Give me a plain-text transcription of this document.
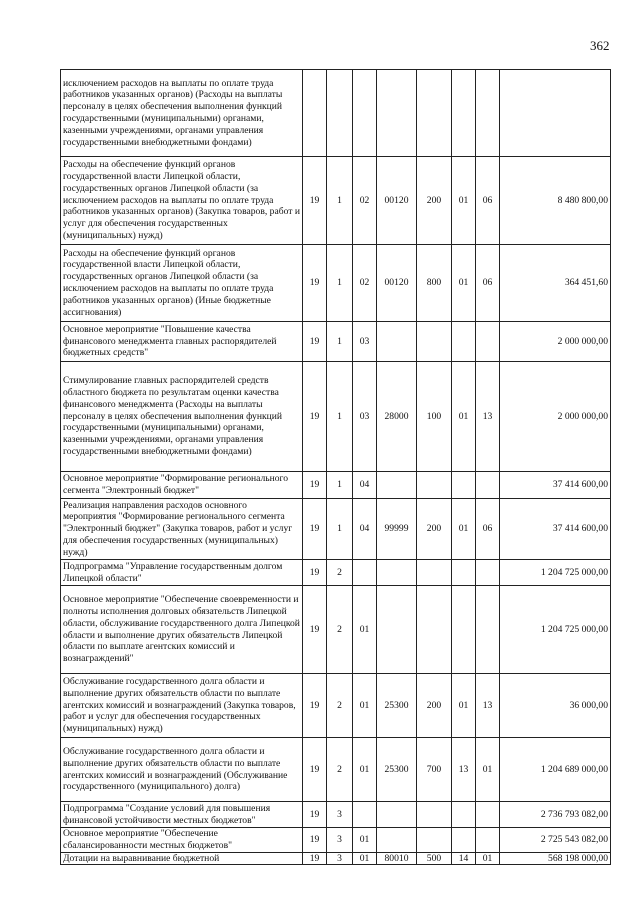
362
исключением расходов на выплаты по оплате труда работников указанных органов) (Расходы на выплаты персоналу в целях обеспечения выполнения функций государственными (муниципальными) органами, казенными учреждениями, органами управления государственными внебюджетными фондами)								
Расходы на обеспечение функций органов государственной власти Липецкой области, государственных органов Липецкой области (за исключением расходов на выплаты по оплате труда работников указанных органов) (Закупка товаров, работ и услуг для обеспечения государственных (муниципальных) нужд)	19	1	02	00120	200	01	06	8 480 800,00
Расходы на обеспечение функций органов государственной власти Липецкой области, государственных органов Липецкой области (за исключением расходов на выплаты по оплате труда работников указанных органов) (Иные бюджетные ассигнования)	19	1	02	00120	800	01	06	364 451,60
Основное мероприятие "Повышение качества финансового менеджмента главных распорядителей бюджетных средств"	19	1	03					2 000 000,00
Стимулирование главных распорядителей средств областного бюджета по результатам оценки качества финансового менеджмента (Расходы на выплаты персоналу в целях обеспечения выполнения функций государственными (муниципальными) органами, казенными учреждениями, органами управления государственными внебюджетными фондами)	19	1	03	28000	100	01	13	2 000 000,00
Основное мероприятие "Формирование регионального сегмента "Электронный бюджет"	19	1	04					37 414 600,00
Реализация направления расходов основного мероприятия "Формирование регионального сегмента "Электронный бюджет" (Закупка товаров, работ и услуг для обеспечения государственных (муниципальных) нужд)	19	1	04	99999	200	01	06	37 414 600,00
Подпрограмма "Управление государственным долгом Липецкой области"	19	2						1 204 725 000,00
Основное мероприятие "Обеспечение своевременности и полноты исполнения долговых обязательств Липецкой области, обслуживание государственного долга Липецкой области и выполнение других обязательств Липецкой области по выплате агентских комиссий и вознаграждений"	19	2	01					1 204 725 000,00
Обслуживание государственного долга области и выполнение других обязательств области по выплате агентских комиссий и вознаграждений (Закупка товаров, работ и услуг для обеспечения государственных (муниципальных) нужд)	19	2	01	25300	200	01	13	36 000,00
Обслуживание государственного долга области и выполнение других обязательств области по выплате агентских комиссий и вознаграждений (Обслуживание государственного (муниципального) долга)	19	2	01	25300	700	13	01	1 204 689 000,00
Подпрограмма "Создание условий для повышения финансовой устойчивости местных бюджетов"	19	3						2 736 793 082,00
Основное мероприятие "Обеспечение сбалансированности местных бюджетов"	19	3	01					2 725 543 082,00
Дотации на выравнивание бюджетной	19	3	01	80010	500	14	01	568 198 000,00
